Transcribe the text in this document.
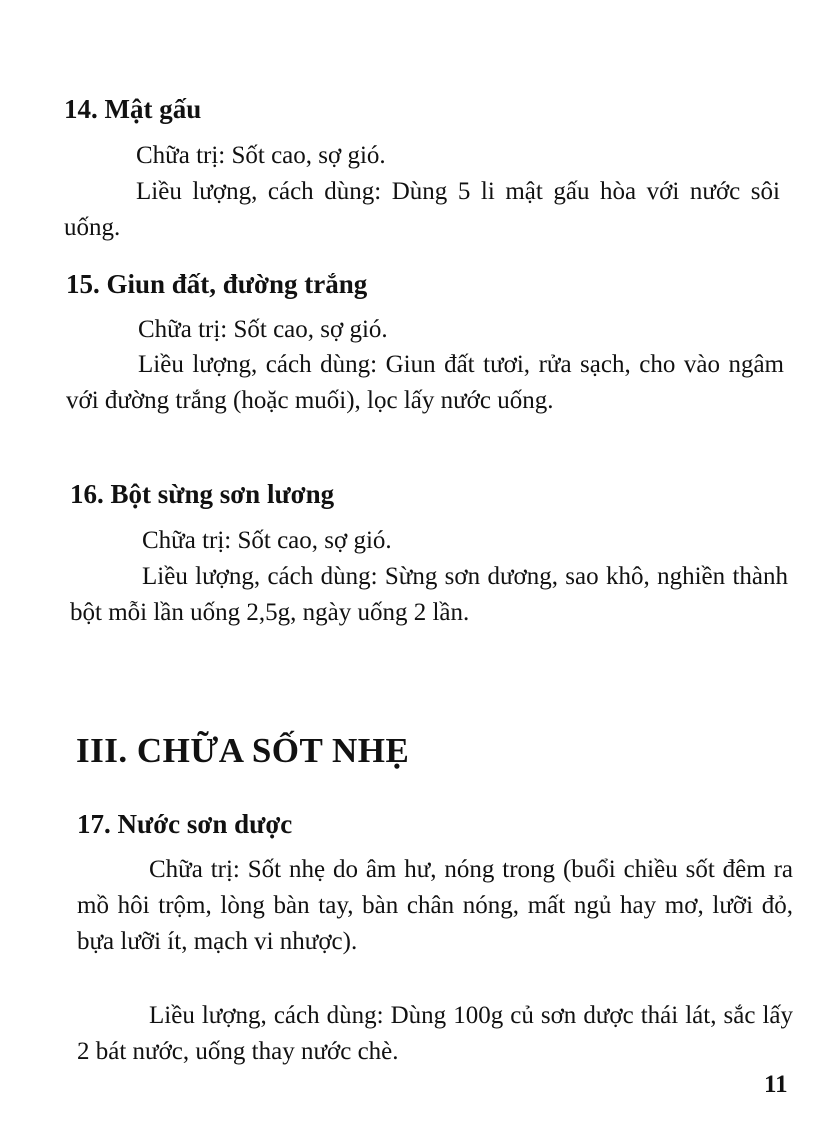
14. Mật gấu

Chữa trị: Sốt cao, sợ gió.

Liều lượng, cách dùng: Dùng 5 li mật gấu hòa với nước sôi uống.

15. Giun đất, đường trắng

Chữa trị: Sốt cao, sợ gió.

Liều lượng, cách dùng: Giun đất tươi, rửa sạch, cho vào ngâm với đường trắng (hoặc muối), lọc lấy nước uống.

16. Bột sừng sơn lương

Chữa trị: Sốt cao, sợ gió.

Liều lượng, cách dùng: Sừng sơn dương, sao khô, nghiền thành bột mỗi lần uống 2,5g, ngày uống 2 lần.

III. CHỮA SỐT NHẸ
17. Nước sơn dược

Chữa trị: Sốt nhẹ do âm hư, nóng trong (buổi chiều sốt đêm ra mồ hôi trộm, lòng bàn tay, bàn chân nóng, mất ngủ hay mơ, lưỡi đỏ, bựa lưỡi ít, mạch vi nhược).

Liều lượng, cách dùng: Dùng 100g củ sơn dược thái lát, sắc lấy 2 bát nước, uống thay nước chè.

11
